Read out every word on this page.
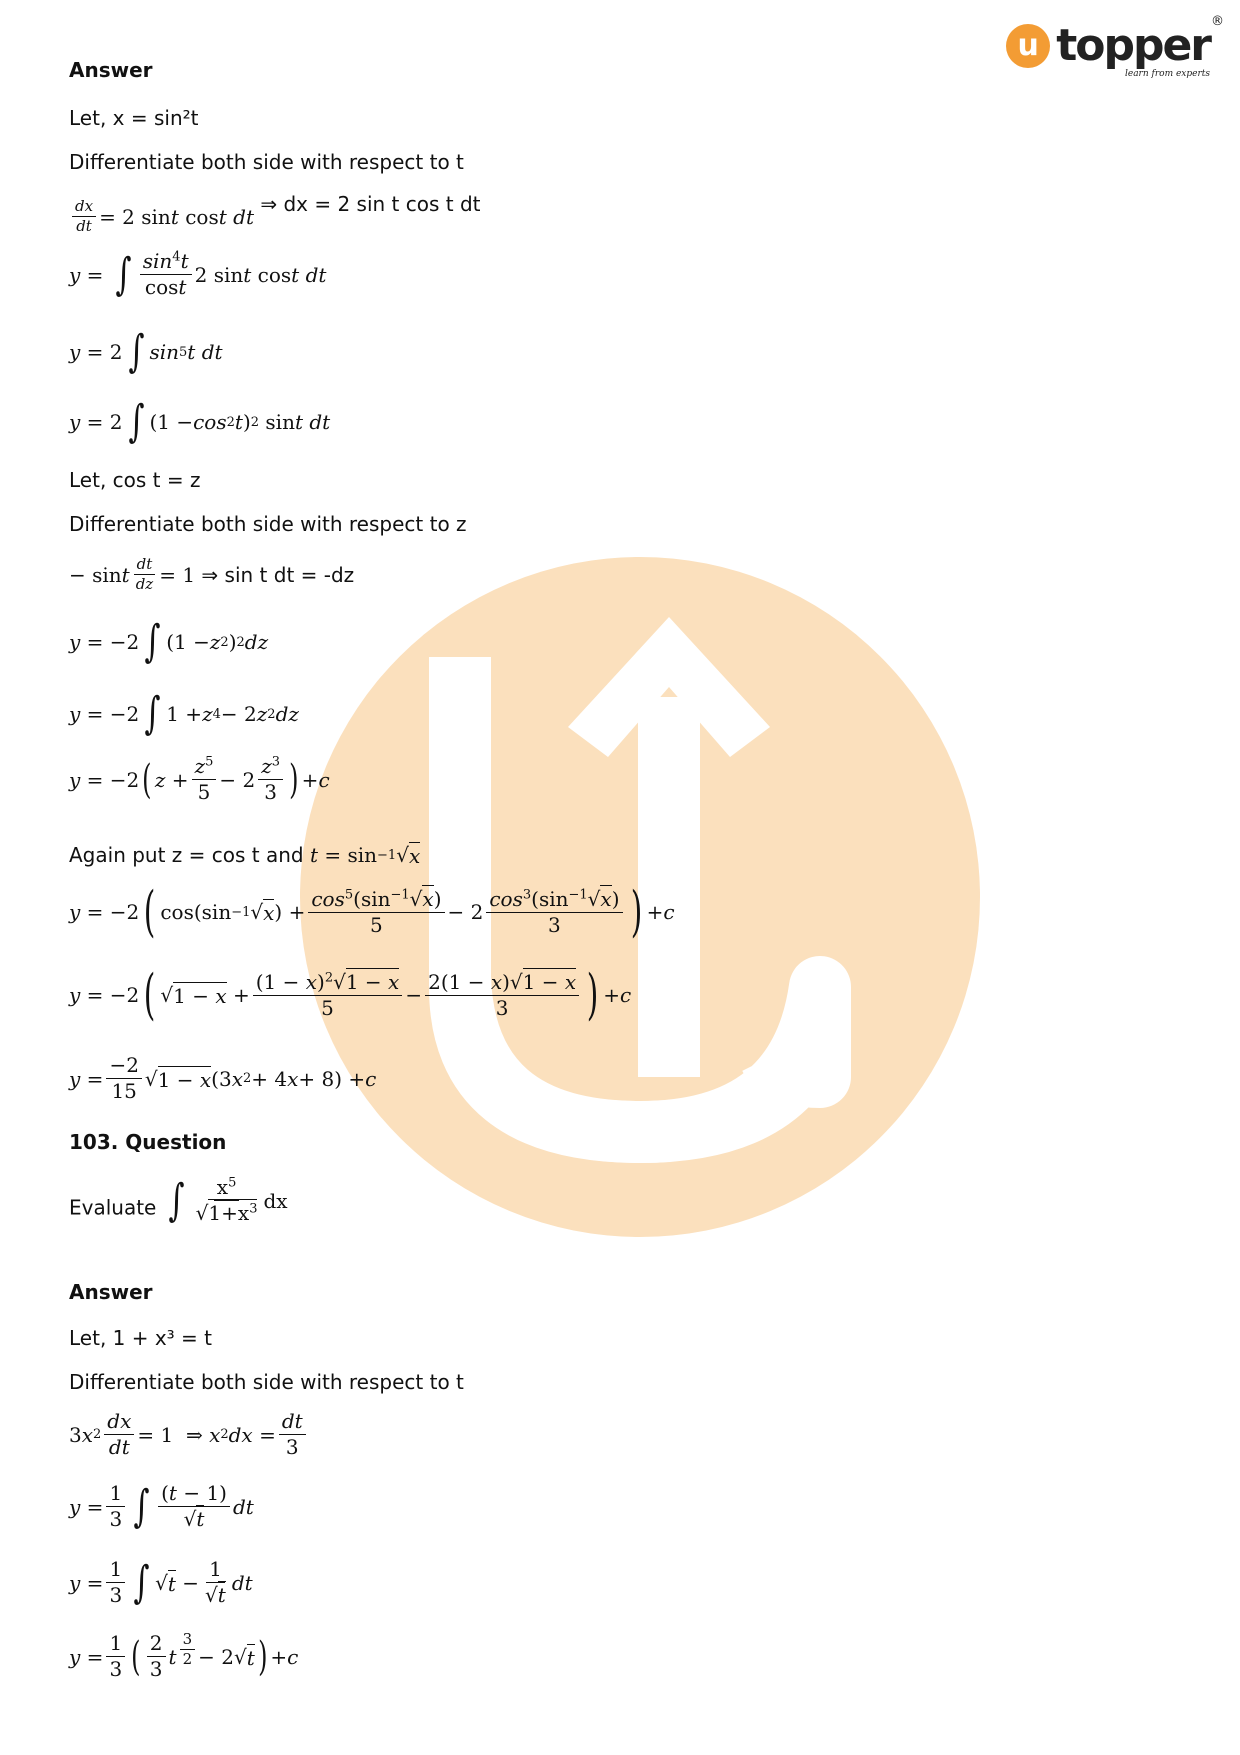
u topper ®
learn from experts
Answer
Let, x = sin²t
Differentiate both side with respect to t
$\frac{dx}{dt} = 2$ sin t cos t
dt
⇒ dx = 2 sin t cos t dt
y = ∫ $\frac{\sin^4t}{\cos t} 2$ sin t cos t
dt
y = 2 ∫ sin 5 t
dt
y = 2 ∫ (1 − cos 2 t ) 2 sin t
dt
Let, cos t = z
Differentiate both side with respect to z
− sin t $\frac{dt}{dz} = 1$ ⇒ sin t dt = -dz
y = −2 ∫ (1 − z 2 ) 2 dz
y = −2 ∫ 1 + z 4 − 2 z 2 dz
y = −2 ( $z + \frac{z^5}{5} - 2 \frac{z^3}{3}$ ) + c
Again put z = cos t and t = sin −1 √ x
y = −2 ( cos(sin −1 √ x ) + $\frac{\cos^5(\sin^{-1}√x)}{5} - 2 \frac{\cos^3(\sin^{-1}√x)}{3}$ ) + c
y = −2 ( √ $1 - x + \frac{(1 - x)^2√1 - x}{5} - \frac{2(1 - x)√1 - x}{3}$ ) + c
$y = \frac{-2}{15}$ √ 1 − x (3 x 2 + 4 x + 8) + c
103. Question
Evaluate ∫ $\frac{x^5}{√1+x^3}$ dx
Answer
Let, 1 + x³ = t
Differentiate both side with respect to t
3 x $2 \frac{dx}{dt} = 1$  ⇒ x 2 dx = $\frac{dt}{3}$
$y = \frac{1}{3}$ ∫ $\frac{(t - 1)}{√t}$ dt
$y = \frac{1}{3}$ ∫ √ $t - \frac{1}{√t}$ dt
$y = \frac{1}{3}$ ( $\frac{2}{3}$ t $\frac{3}{2} - 2√$ t ) + c
